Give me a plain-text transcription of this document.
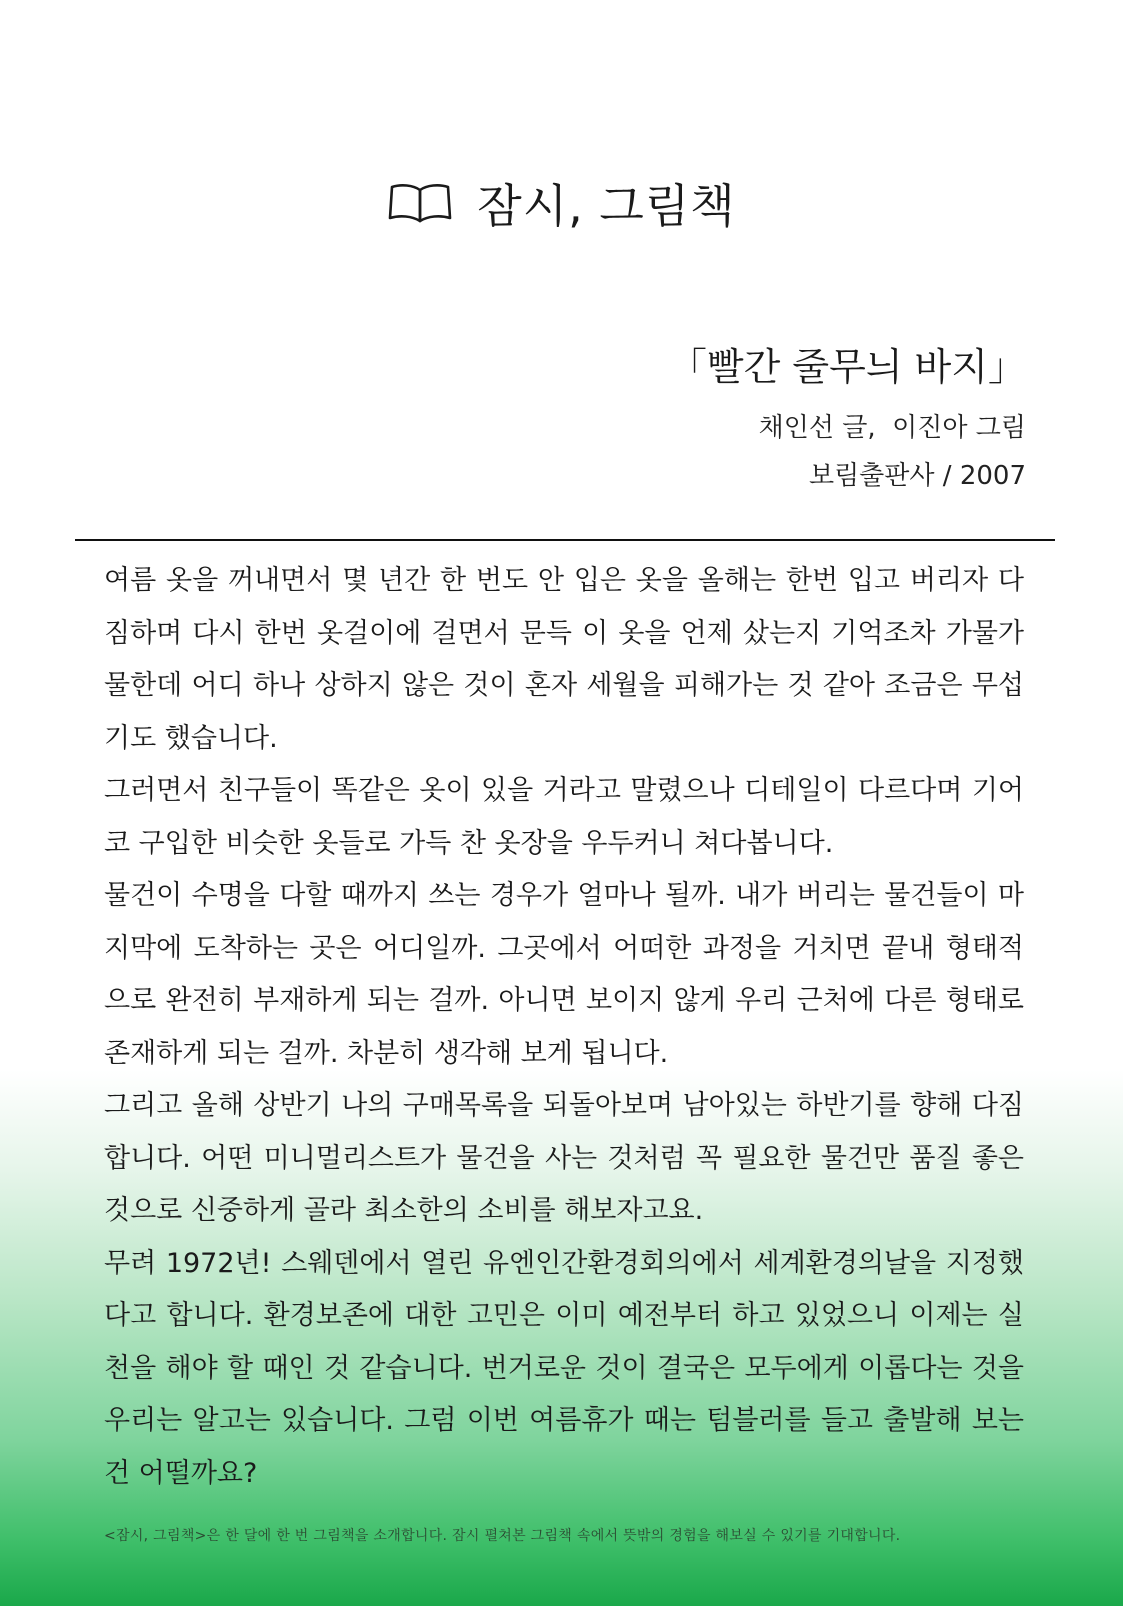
잠시, 그림책
「빨간 줄무늬 바지」
채인선 글,  이진아 그림
보림출판사 / 2007

여름 옷을 꺼내면서 몇 년간 한 번도 안 입은 옷을 올해는 한번 입고 버리자 다짐하며 다시 한번 옷걸이에 걸면서 문득 이 옷을 언제 샀는지 기억조차 가물가물한데 어디 하나 상하지 않은 것이 혼자 세월을 피해가는 것 같아 조금은 무섭기도 했습니다.

그러면서 친구들이 똑같은 옷이 있을 거라고 말렸으나 디테일이 다르다며 기어코 구입한 비슷한 옷들로 가득 찬 옷장을 우두커니 쳐다봅니다.

물건이 수명을 다할 때까지 쓰는 경우가 얼마나 될까. 내가 버리는 물건들이 마지막에 도착하는 곳은 어디일까. 그곳에서 어떠한 과정을 거치면 끝내 형태적으로 완전히 부재하게 되는 걸까. 아니면 보이지 않게 우리 근처에 다른 형태로 존재하게 되는 걸까. 차분히 생각해 보게 됩니다.

그리고 올해 상반기 나의 구매목록을 되돌아보며 남아있는 하반기를 향해 다짐합니다. 어떤 미니멀리스트가 물건을 사는 것처럼 꼭 필요한 물건만 품질 좋은 것으로 신중하게 골라 최소한의 소비를 해보자고요.

무려 1972년! 스웨덴에서 열린 유엔인간환경회의에서 세계환경의날을 지정했다고 합니다. 환경보존에 대한 고민은 이미 예전부터 하고 있었으니 이제는 실천을 해야 할 때인 것 같습니다. 번거로운 것이 결국은 모두에게 이롭다는 것을 우리는 알고는 있습니다. 그럼 이번 여름휴가 때는 텀블러를 들고 출발해 보는 건 어떨까요?

<잠시, 그림책>은 한 달에 한 번 그림책을 소개합니다. 잠시 펼쳐본 그림책 속에서 뜻밖의 경험을 해보실 수 있기를 기대합니다.
